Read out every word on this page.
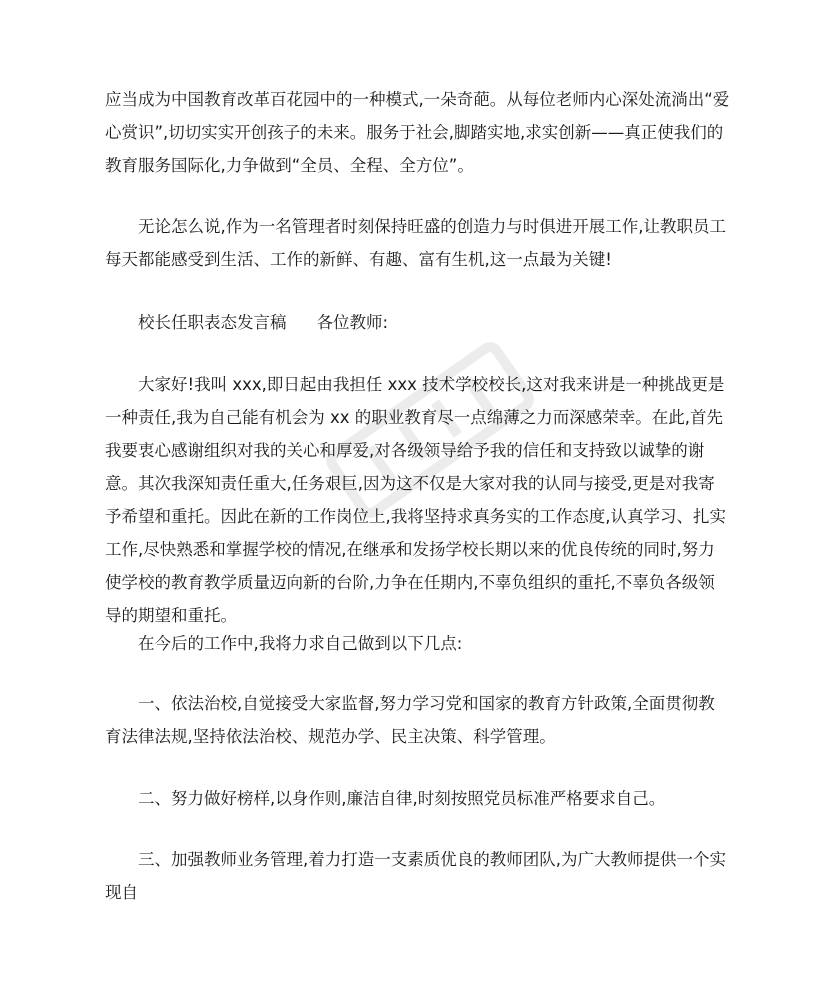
应当成为中国教育改革百花园中的一种模式,一朵奇葩。从每位老师内心深处流淌出“爱心赏识”,切切实实开创孩子的未来。服务于社会,脚踏实地,求实创新——真正使我们的教育服务国际化,力争做到“全员、全程、全方位”。

无论怎么说,作为一名管理者时刻保持旺盛的创造力与时俱进开展工作,让教职员工每天都能感受到生活、工作的新鲜、有趣、富有生机,这一点最为关键!

校长任职表态发言稿 各位教师:

大家好!我叫 xxx,即日起由我担任 xxx 技术学校校长,这对我来讲是一种挑战更是一种责任,我为自己能有机会为 xx 的职业教育尽一点绵薄之力而深感荣幸。在此,首先我要衷心感谢组织对我的关心和厚爱,对各级领导给予我的信任和支持致以诚挚的谢意。其次我深知责任重大,任务艰巨,因为这不仅是大家对我的认同与接受,更是对我寄予希望和重托。因此在新的工作岗位上,我将坚持求真务实的工作态度,认真学习、扎实工作,尽快熟悉和掌握学校的情况,在继承和发扬学校长期以来的优良传统的同时,努力使学校的教育教学质量迈向新的台阶,力争在任期内,不辜负组织的重托,不辜负各级领导的期望和重托。

在今后的工作中,我将力求自己做到以下几点:

一、依法治校,自觉接受大家监督,努力学习党和国家的教育方针政策,全面贯彻教育法律法规,坚持依法治校、规范办学、民主决策、科学管理。

二、努力做好榜样,以身作则,廉洁自律,时刻按照党员标准严格要求自己。

三、加强教师业务管理,着力打造一支素质优良的教师团队,为广大教师提供一个实现自
